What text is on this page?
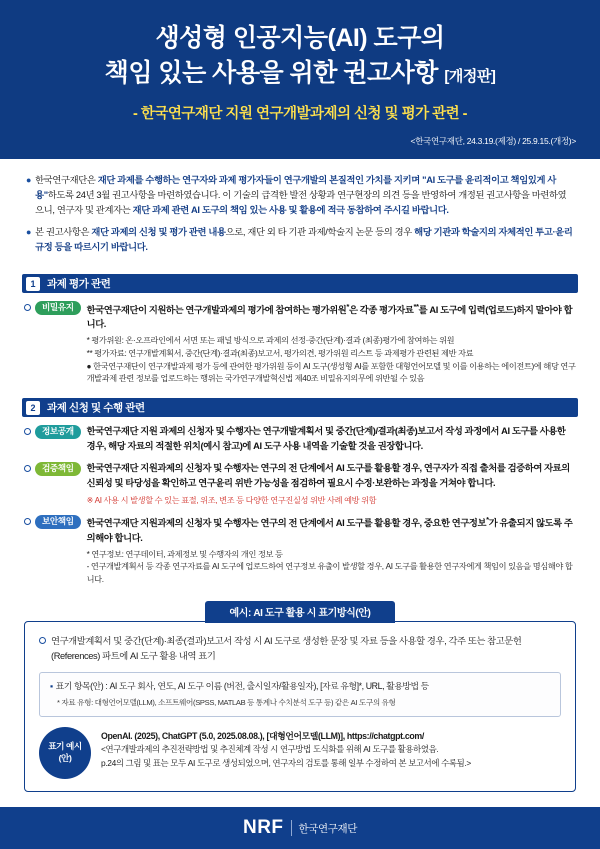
생성형 인공지능(AI) 도구의
책임 있는 사용을 위한 권고사항 [개정판]
- 한국연구재단 지원 연구개발과제의 신청 및 평가 관련 -
<한국연구재단, 24.3.19.(제정) / 25.9.15.(개정)>
● 한국연구재단은 재단 과제를 수행하는 연구자와 과제 평가자들이 연구개발의 본질적인 가치를 지키며 "AI 도구를 윤리적이고 책임있게 사용"하도록 24년 3월 권고사항을 마련하였습니다. 이 기술의 급격한 발전 상황과 연구현장의 의견 등을 반영하여 개정된 권고사항을 마련하였으니, 연구자 및 관계자는 재단 과제 관련 AI 도구의 책임 있는 사용 및 활용에 적극 동참하여 주시길 바랍니다.
● 본 권고사항은 재단 과제의 신청 및 평가 관련 내용으로, 재단 외 타 기관 과제/학술지 논문 등의 경우 해당 기관과 학술지의 자체적인 투고·윤리 규정 등을 따르시기 바랍니다.
1	과제 평가 관련
비밀유지	한국연구재단이 지원하는 연구개발과제의 평가에 참여하는 평가위원*은 각종 평가자료**를 AI 도구에 입력(업로드)하지 말아야 합니다.
* 평가위원: 온·오프라인에서 서면 또는 패널 방식으로 과제의 선정·중간(단계)·결과 (최종)평가에 참여하는 위원
** 평가자료: 연구개발계획서, 중간(단계)·결과(최종)보고서, 평가의견, 평가위원 리스트 등 과제평가 관련된 제반 자료
● 한국연구재단이 연구개발과제 평가 등에 관여한 평가위원 등이 AI 도구(생성형 AI를 포함한 대형언어모델 및 이를 이용하는 에이전트)에 해당 연구개발과제 관련 정보를 업로드하는 행위는 국가연구개발혁신법 제40조 비밀유지의무에 위반될 수 있음
2	과제 신청 및 수행 관련
정보공개	한국연구재단 지원 과제의 신청자 및 수행자는 연구개발계획서 및 중간(단계)/결과(최종)보고서 작성 과정에서 AI 도구를 사용한 경우, 해당 자료의 적절한 위치(예시 참고)에 AI 도구 사용 내역을 기술할 것을 권장합니다.
검증책임	한국연구재단 지원과제의 신청자 및 수행자는 연구의 전 단계에서 AI 도구를 활용할 경우, 연구자가 직접 출처를 검증하여 자료의 신뢰성 및 타당성을 확인하고 연구윤리 위반 가능성을 점검하여 필요시 수정·보완하는 과정을 거쳐야 합니다.
※ AI 사용 시 발생할 수 있는 표절, 위조, 변조 등 다양한 연구진실성 위반 사례 예방 위함
보안책임	한국연구재단 지원과제의 신청자 및 수행자는 연구의 전 단계에서 AI 도구를 활용할 경우, 중요한 연구정보*가 유출되지 않도록 주의해야 합니다.
* 연구정보: 연구데이터, 과제정보 및 수행자의 개인 정보 등
- 연구개발계획서 등 각종 연구자료를 AI 도구에 업로드하여 연구정보 유출이 발생할 경우, AI 도구를 활용한 연구자에게 책임이 있음을 명심해야 합니다.
예시: AI 도구 활용 시 표기방식(안)
연구개발계획서 및 중간(단계)·최종(결과)보고서 작성 시 AI 도구로 생성한 문장 및 자료 등을 사용할 경우, 각주 또는 참고문헌
(References) 파트에 AI 도구 활용 내역 표기
▪ 표기 항목(안) : AI 도구 회사, 연도, AI 도구 이름 (버전, 출시일자/활용일자), [자료 유형]*, URL, 활용방법 등
* 자료 유형: 대형언어모델(LLM), 소프트웨어(SPSS, MATLAB 등 통계나 수치분석 도구 등) 같은 AI 도구의 유형
표기 예시
(안)
OpenAI. (2025), ChatGPT (5.0, 2025.08.08.), [대형언어모델(LLM)], https://chatgpt.com/
<연구개발과제의 추진전략방법 및 추진체계 작성 시 연구방법 도식화를 위해 AI 도구를 활용하였음.
p.24의 그림 및 표는 모두 AI 도구로 생성되었으며, 연구자의 검토를 통해 일부 수정하여 본 보고서에 수록됨.>
NRF 한국연구재단
